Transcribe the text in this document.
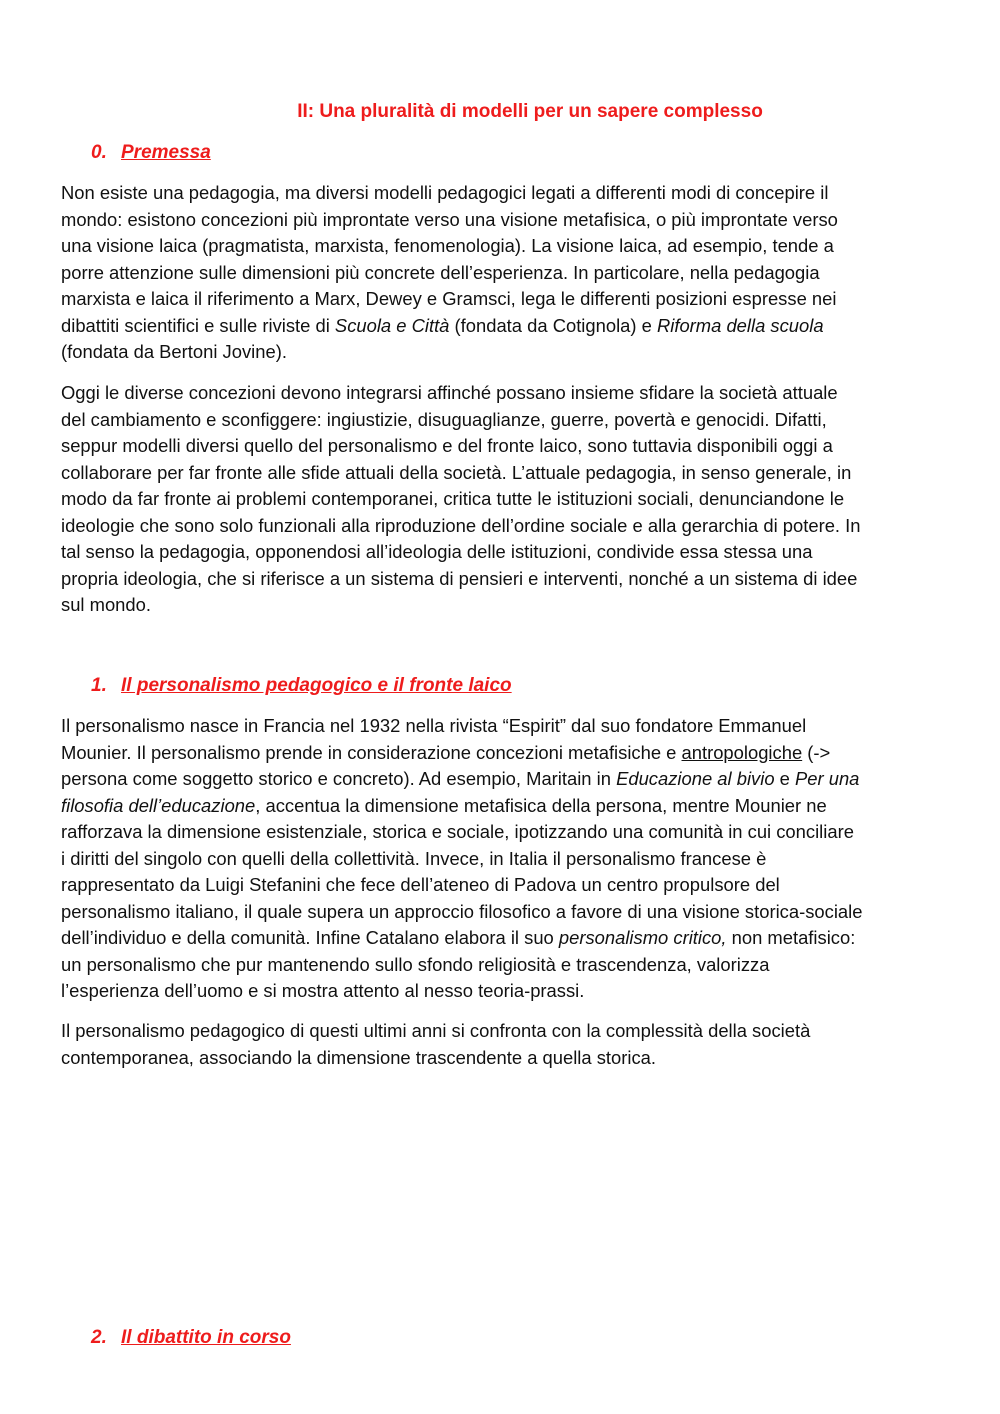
II: Una pluralità di modelli per un sapere complesso
0. Premessa

Non esiste una pedagogia, ma diversi modelli pedagogici legati a differenti modi di concepire il
mondo: esistono concezioni più improntate verso una visione metafisica, o più improntate verso
una visione laica (pragmatista, marxista, fenomenologia). La visione laica, ad esempio, tende a
porre attenzione sulle dimensioni più concrete dell’esperienza. In particolare, nella pedagogia
marxista e laica il riferimento a Marx, Dewey e Gramsci, lega le differenti posizioni espresse nei
dibattiti scientifici e sulle riviste di Scuola e Città (fondata da Cotignola) e Riforma della scuola
(fondata da Bertoni Jovine).

Oggi le diverse concezioni devono integrarsi affinché possano insieme sfidare la società attuale
del cambiamento e sconfiggere: ingiustizie, disuguaglianze, guerre, povertà e genocidi. Difatti,
seppur modelli diversi quello del personalismo e del fronte laico, sono tuttavia disponibili oggi a
collaborare per far fronte alle sfide attuali della società. L’attuale pedagogia, in senso generale, in
modo da far fronte ai problemi contemporanei, critica tutte le istituzioni sociali, denunciandone le
ideologie che sono solo funzionali alla riproduzione dell’ordine sociale e alla gerarchia di potere. In
tal senso la pedagogia, opponendosi all’ideologia delle istituzioni, condivide essa stessa una
propria ideologia, che si riferisce a un sistema di pensieri e interventi, nonché a un sistema di idee
sul mondo.

1. Il personalismo pedagogico e il fronte laico

Il personalismo nasce in Francia nel 1932 nella rivista “Espirit” dal suo fondatore Emmanuel
Mounier. Il personalismo prende in considerazione concezioni metafisiche e antropologiche (->
persona come soggetto storico e concreto). Ad esempio, Maritain in Educazione al bivio e Per una
filosofia dell’educazione, accentua la dimensione metafisica della persona, mentre Mounier ne
rafforzava la dimensione esistenziale, storica e sociale, ipotizzando una comunità in cui conciliare
i diritti del singolo con quelli della collettività. Invece, in Italia il personalismo francese è
rappresentato da Luigi Stefanini che fece dell’ateneo di Padova un centro propulsore del
personalismo italiano, il quale supera un approccio filosofico a favore di una visione storica-sociale
dell’individuo e della comunità. Infine Catalano elabora il suo personalismo critico, non metafisico:
un personalismo che pur mantenendo sullo sfondo religiosità e trascendenza, valorizza
l’esperienza dell’uomo e si mostra attento al nesso teoria-prassi.

Il personalismo pedagogico di questi ultimi anni si confronta con la complessità della società
contemporanea, associando la dimensione trascendente a quella storica.

2. Il dibattito in corso
